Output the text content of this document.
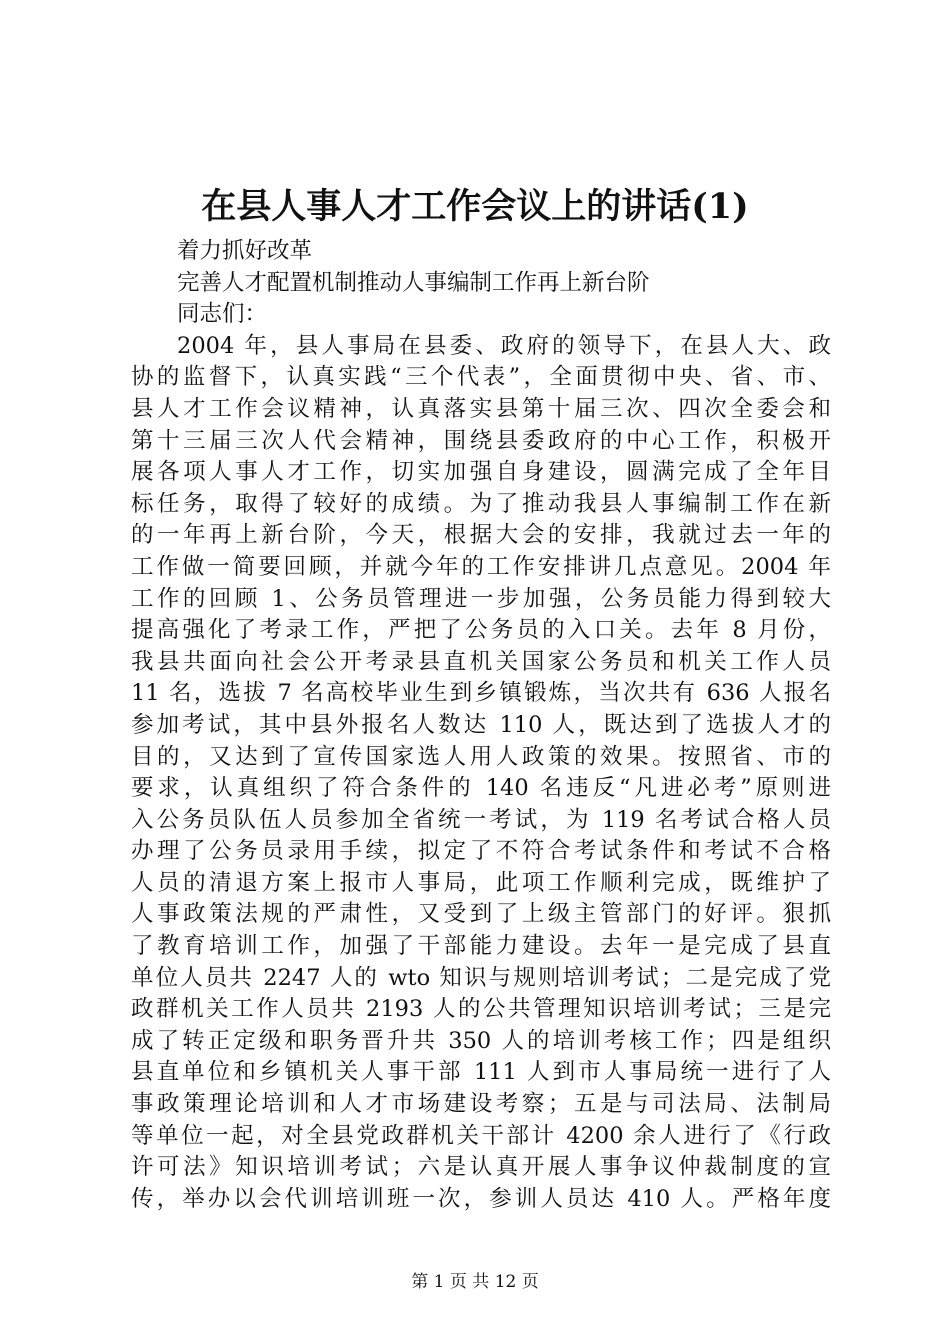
在县人事人才工作会议上的讲话(1)
着力抓好改革
完善人才配置机制推动人事编制工作再上新台阶
同志们：
2004 年，县人事局在县委、政府的领导下，在县人大、政
协的监督下，认真实践“三个代表”，全面贯彻中央、省、市、
县人才工作会议精神，认真落实县第十届三次、四次全委会和
第十三届三次人代会精神，围绕县委政府的中心工作，积极开
展各项人事人才工作，切实加强自身建设，圆满完成了全年目
标任务，取得了较好的成绩。为了推动我县人事编制工作在新
的一年再上新台阶，今天，根据大会的安排，我就过去一年的
工作做一简要回顾，并就今年的工作安排讲几点意见。2004 年
工作的回顾 1、公务员管理进一步加强，公务员能力得到较大
提高强化了考录工作，严把了公务员的入口关。去年 8 月份，
我县共面向社会公开考录县直机关国家公务员和机关工作人员
11 名，选拔 7 名高校毕业生到乡镇锻炼，当次共有 636 人报名
参加考试，其中县外报名人数达 110 人，既达到了选拔人才的
目的，又达到了宣传国家选人用人政策的效果。按照省、市的
要求，认真组织了符合条件的 140 名违反“凡进必考”原则进
入公务员队伍人员参加全省统一考试，为 119 名考试合格人员
办理了公务员录用手续，拟定了不符合考试条件和考试不合格
人员的清退方案上报市人事局，此项工作顺利完成，既维护了
人事政策法规的严肃性，又受到了上级主管部门的好评。狠抓
了教育培训工作，加强了干部能力建设。去年一是完成了县直
单位人员共 2247 人的 wto 知识与规则培训考试；二是完成了党
政群机关工作人员共 2193 人的公共管理知识培训考试；三是完
成了转正定级和职务晋升共 350 人的培训考核工作；四是组织
县直单位和乡镇机关人事干部 111 人到市人事局统一进行了人
事政策理论培训和人才市场建设考察；五是与司法局、法制局
等单位一起，对全县党政群机关干部计 4200 余人进行了《行政
许可法》知识培训考试；六是认真开展人事争议仲裁制度的宣
传，举办以会代训培训班一次，参训人员达 410 人。严格年度
第 1 页 共 12 页
